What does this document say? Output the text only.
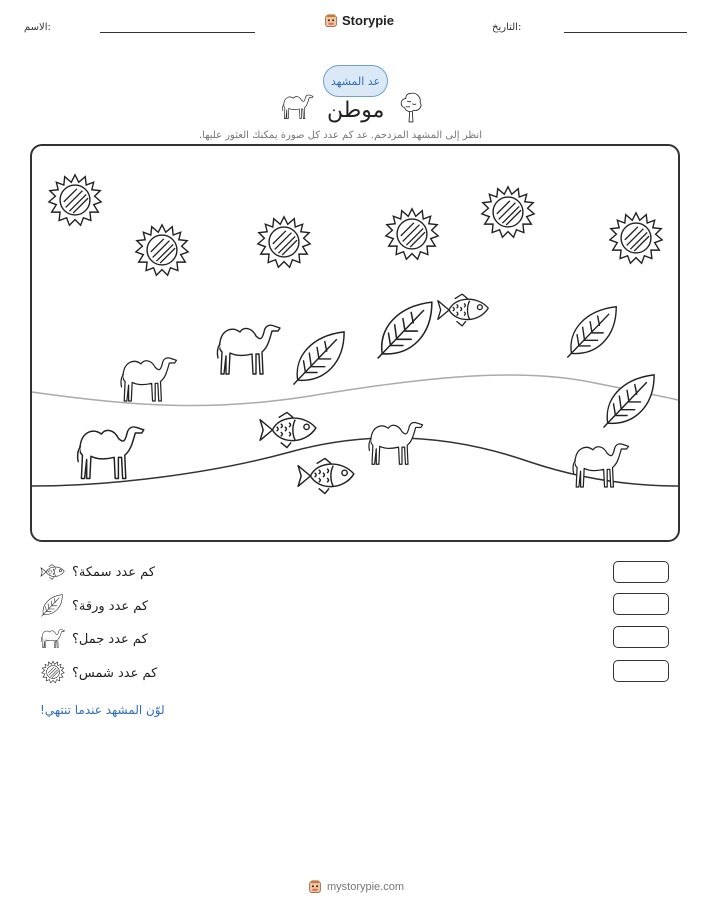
الاسم:	Storypie	التاريخ:
عد المشهد
موطن
انظر إلى المشهد المزدحم. عد كم عدد كل صورة يمكنك العثور عليها.
كم عدد سمكة؟
كم عدد ورقة؟
كم عدد جمل؟
كم عدد شمس؟
لوّن المشهد عندما تنتهي!
mystorypie.com
